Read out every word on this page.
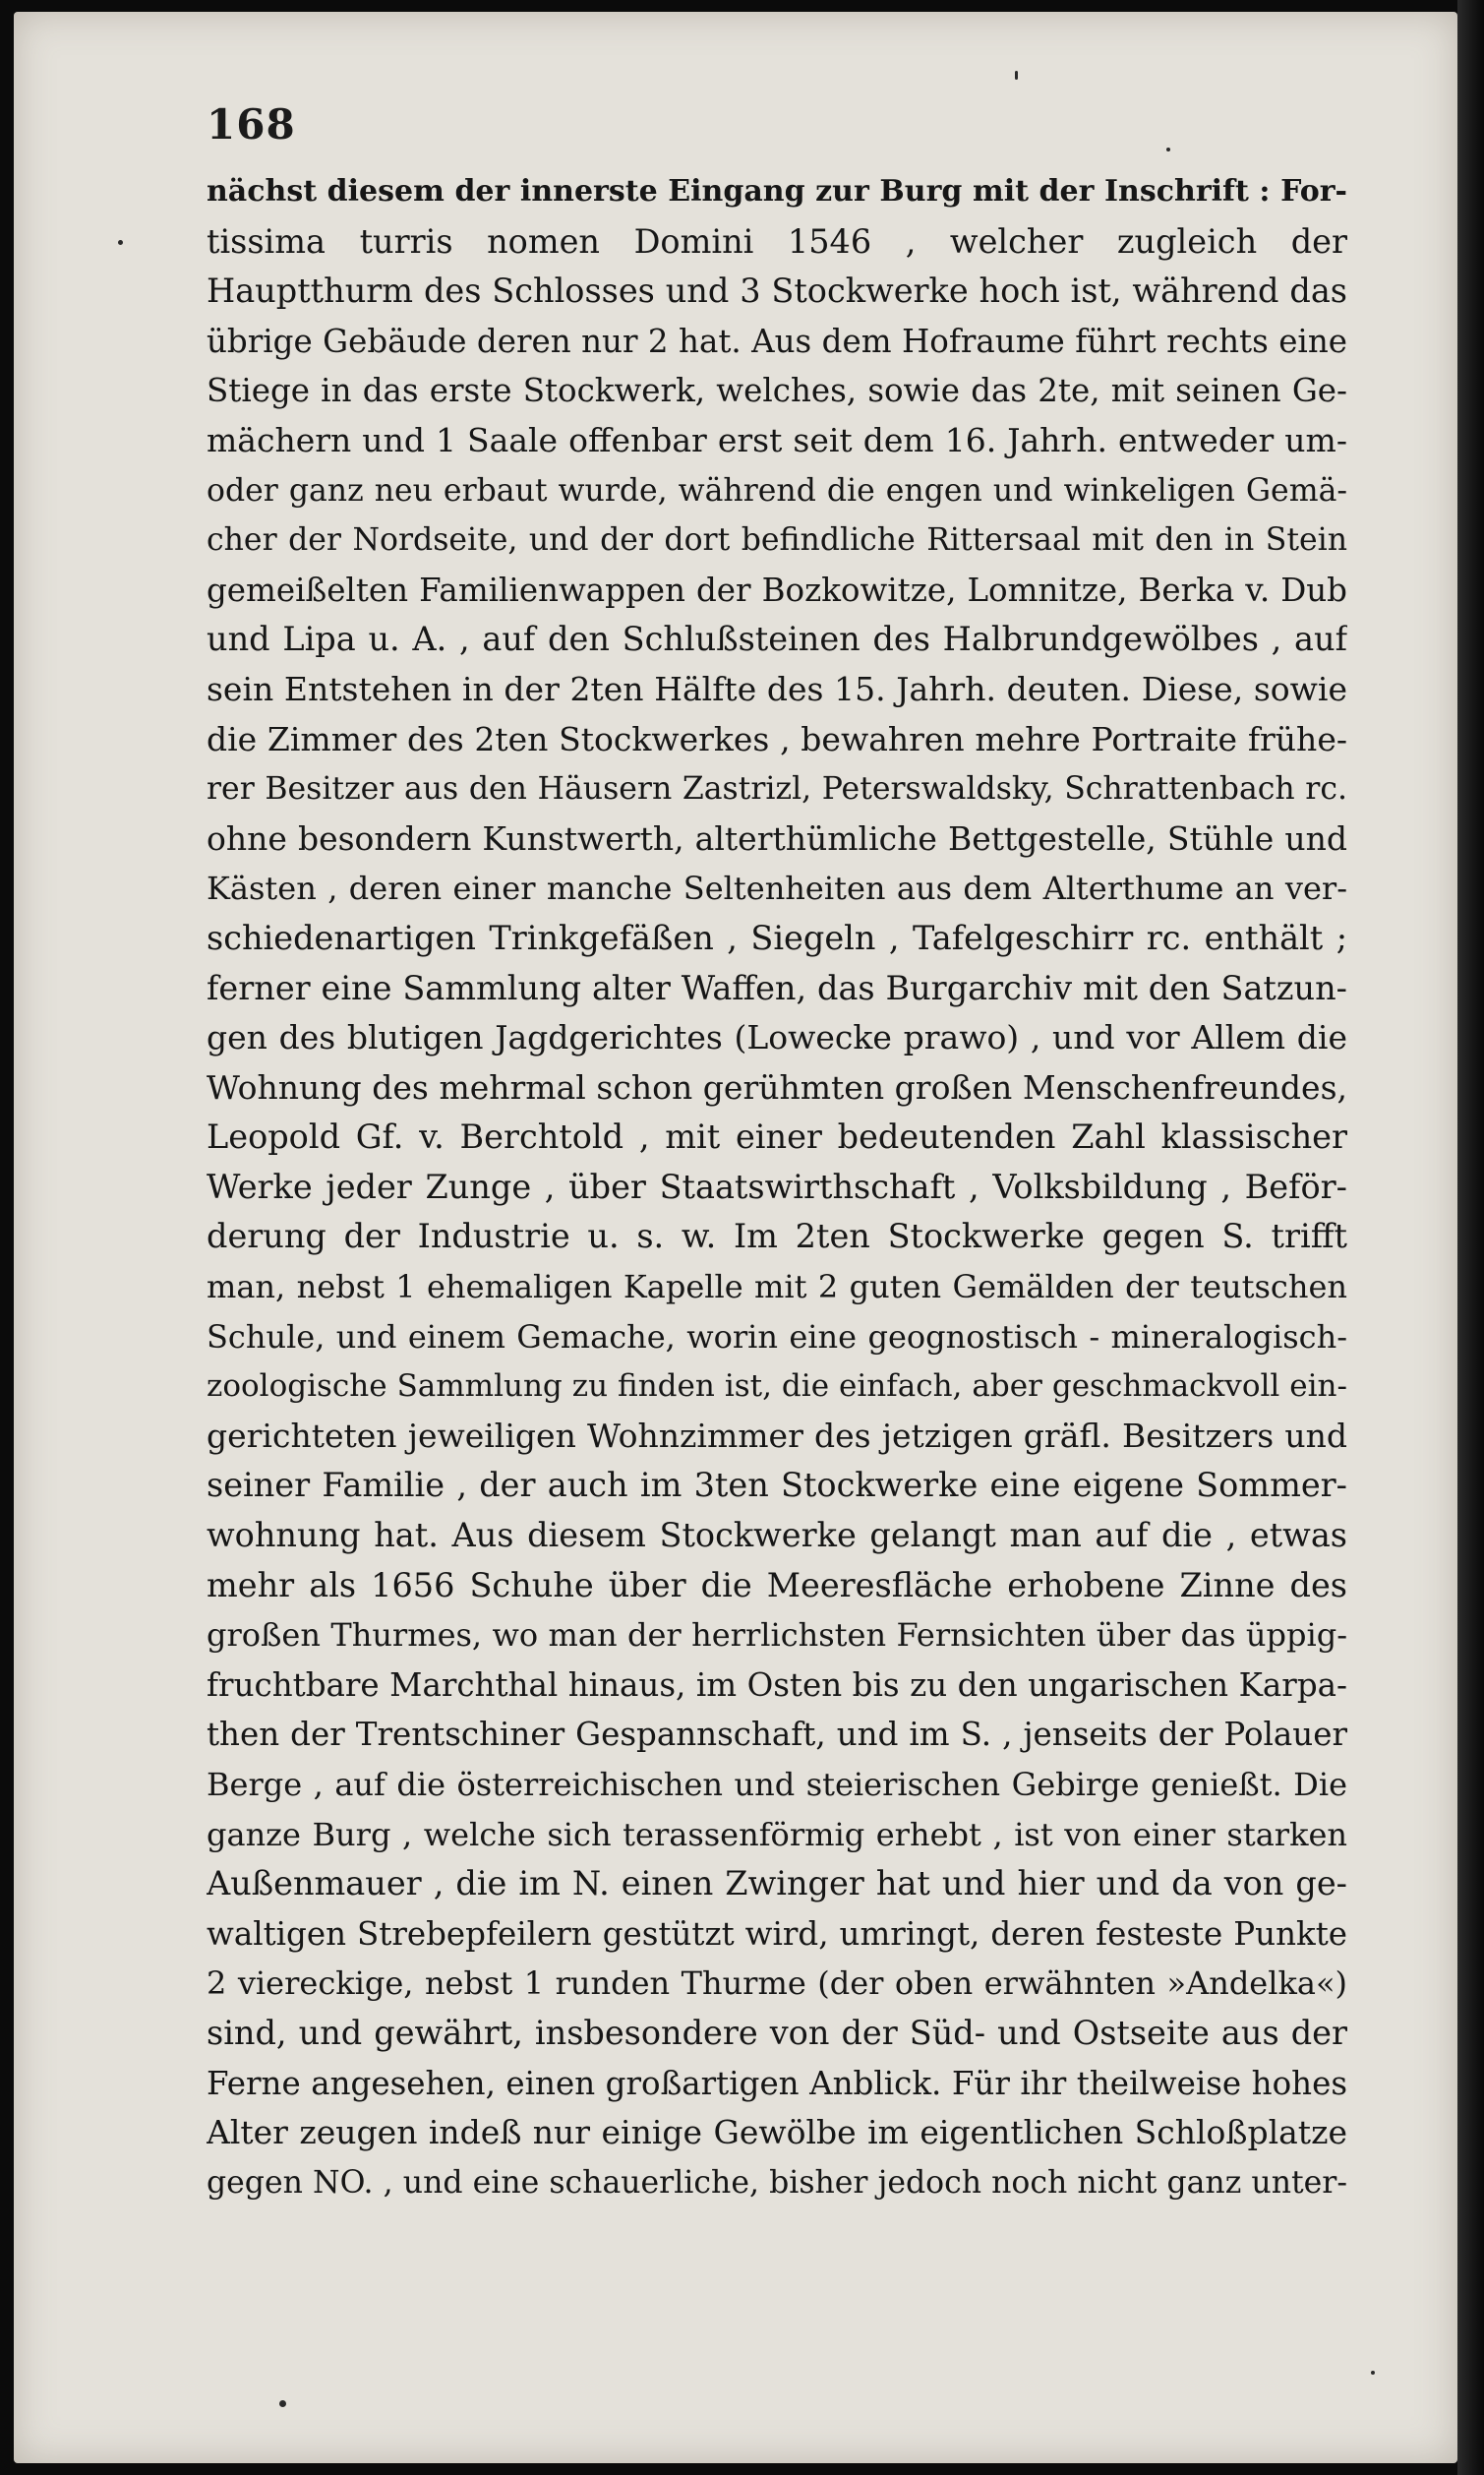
168
nächst diesem der innerste Eingang zur Burg mit der Inschrift : For-
tissima turris nomen Domini 1546 , welcher zugleich der
Hauptthurm des Schlosses und 3 Stockwerke hoch ist, während das
übrige Gebäude deren nur 2 hat. Aus dem Hofraume führt rechts eine
Stiege in das erste Stockwerk, welches, sowie das 2te, mit seinen Ge-
mächern und 1 Saale offenbar erst seit dem 16. Jahrh. entweder um-
oder ganz neu erbaut wurde, während die engen und winkeligen Gemä-
cher der Nordseite, und der dort befindliche Rittersaal mit den in Stein
gemeißelten Familienwappen der Bozkowitze, Lomnitze, Berka v. Dub
und Lipa u. A. , auf den Schlußsteinen des Halbrundgewölbes , auf
sein Entstehen in der 2ten Hälfte des 15. Jahrh. deuten. Diese, sowie
die Zimmer des 2ten Stockwerkes , bewahren mehre Portraite frühe-
rer Besitzer aus den Häusern Zastrizl, Peterswaldsky, Schrattenbach rc.
ohne besondern Kunstwerth, alterthümliche Bettgestelle, Stühle und
Kästen , deren einer manche Seltenheiten aus dem Alterthume an ver-
schiedenartigen Trinkgefäßen , Siegeln , Tafelgeschirr rc. enthält ;
ferner eine Sammlung alter Waffen, das Burgarchiv mit den Satzun-
gen des blutigen Jagdgerichtes (Lowecke prawo) , und vor Allem die
Wohnung des mehrmal schon gerühmten großen Menschenfreundes,
Leopold Gf. v. Berchtold , mit einer bedeutenden Zahl klassischer
Werke jeder Zunge , über Staatswirthschaft , Volksbildung , Beför-
derung der Industrie u. s. w. Im 2ten Stockwerke gegen S. trifft
man, nebst 1 ehemaligen Kapelle mit 2 guten Gemälden der teutschen
Schule, und einem Gemache, worin eine geognostisch - mineralogisch-
zoologische Sammlung zu finden ist, die einfach, aber geschmackvoll ein-
gerichteten jeweiligen Wohnzimmer des jetzigen gräfl. Besitzers und
seiner Familie , der auch im 3ten Stockwerke eine eigene Sommer-
wohnung hat. Aus diesem Stockwerke gelangt man auf die , etwas
mehr als 1656 Schuhe über die Meeresfläche erhobene Zinne des
großen Thurmes, wo man der herrlichsten Fernsichten über das üppig-
fruchtbare Marchthal hinaus, im Osten bis zu den ungarischen Karpa-
then der Trentschiner Gespannschaft, und im S. , jenseits der Polauer
Berge , auf die österreichischen und steierischen Gebirge genießt. Die
ganze Burg , welche sich terassenförmig erhebt , ist von einer starken
Außenmauer , die im N. einen Zwinger hat und hier und da von ge-
waltigen Strebepfeilern gestützt wird, umringt, deren festeste Punkte
2 viereckige, nebst 1 runden Thurme (der oben erwähnten »Andelka«)
sind, und gewährt, insbesondere von der Süd- und Ostseite aus der
Ferne angesehen, einen großartigen Anblick. Für ihr theilweise hohes
Alter zeugen indeß nur einige Gewölbe im eigentlichen Schloßplatze
gegen NO. , und eine schauerliche, bisher jedoch noch nicht ganz unter-
